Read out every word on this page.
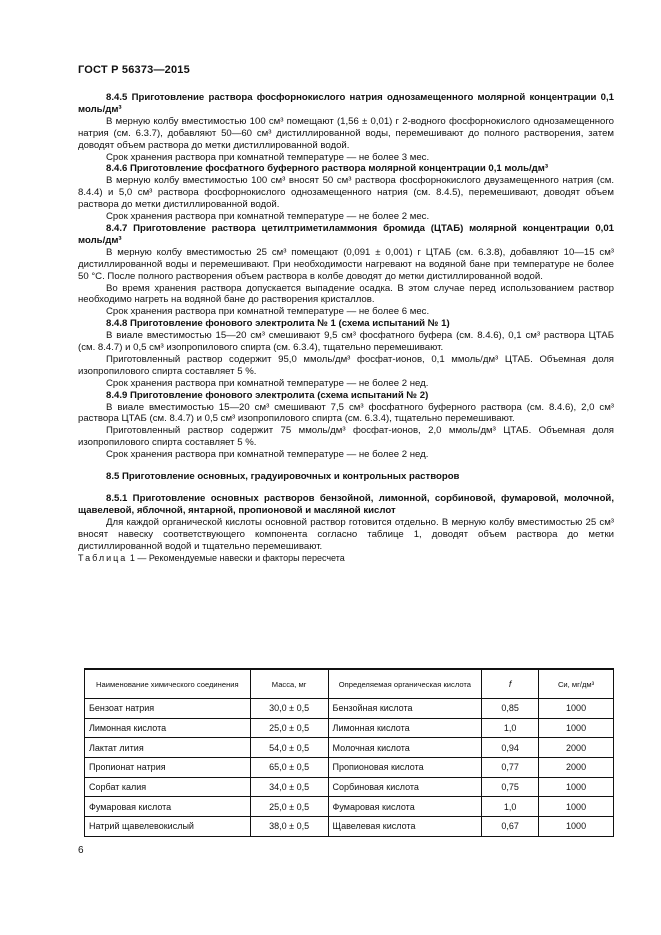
ГОСТ Р 56373—2015

8.4.5 Приготовление раствора фосфорнокислого натрия однозамещенного молярной концентрации 0,1 моль/дм³

В мерную колбу вместимостью 100 см³ помещают (1,56 ± 0,01) г 2-водного фосфорнокислого однозамещенного натрия (см. 6.3.7), добавляют 50—60 см³ дистиллированной воды, перемешивают до полного растворения, затем доводят объем раствора до метки дистиллированной водой.

Срок хранения раствора при комнатной температуре — не более 3 мес.

8.4.6 Приготовление фосфатного буферного раствора молярной концентрации 0,1 моль/дм³

В мерную колбу вместимостью 100 см³ вносят 50 см³ раствора фосфорнокислого двузамещенного натрия (см. 8.4.4) и 5,0 см³ раствора фосфорнокислого однозамещенного натрия (см. 8.4.5), перемешивают, доводят объем раствора до метки дистиллированной водой.

Срок хранения раствора при комнатной температуре — не более 2 мес.

8.4.7 Приготовление раствора цетилтриметиламмония бромида (ЦТАБ) молярной концентрации 0,01 моль/дм³

В мерную колбу вместимостью 25 см³ помещают (0,091 ± 0,001) г ЦТАБ (см. 6.3.8), добавляют 10—15 см³ дистиллированной воды и перемешивают. При необходимости нагревают на водяной бане при температуре не более 50 °С. После полного растворения объем раствора в колбе доводят до метки дистиллированной водой.

Во время хранения раствора допускается выпадение осадка. В этом случае перед использованием раствор необходимо нагреть на водяной бане до растворения кристаллов.

Срок хранения раствора при комнатной температуре — не более 6 мес.

8.4.8 Приготовление фонового электролита № 1 (схема испытаний № 1)

В виале вместимостью 15—20 см³ смешивают 9,5 см³ фосфатного буфера (см. 8.4.6), 0,1 см³ раствора ЦТАБ (см. 8.4.7) и 0,5 см³ изопропилового спирта (см. 6.3.4), тщательно перемешивают.

Приготовленный раствор содержит 95,0 ммоль/дм³ фосфат-ионов, 0,1 ммоль/дм³ ЦТАБ. Объемная доля изопропилового спирта составляет 5 %.

Срок хранения раствора при комнатной температуре — не более 2 нед.

8.4.9 Приготовление фонового электролита (схема испытаний № 2)

В виале вместимостью 15—20 см³ смешивают 7,5 см³ фосфатного буферного раствора (см. 8.4.6), 2,0 см³ раствора ЦТАБ (см. 8.4.7) и 0,5 см³ изопропилового спирта (см. 6.3.4), тщательно перемешивают.

Приготовленный раствор содержит 75 ммоль/дм³ фосфат-ионов, 2,0 ммоль/дм³ ЦТАБ. Объемная доля изопропилового спирта составляет 5 %.

Срок хранения раствора при комнатной температуре — не более 2 нед.

8.5 Приготовление основных, градуировочных и контрольных растворов

8.5.1 Приготовление основных растворов бензойной, лимонной, сорбиновой, фумаровой, молочной, щавелевой, яблочной, янтарной, пропионовой и масляной кислот

Для каждой органической кислоты основной раствор готовится отдельно. В мерную колбу вместимостью 25 см³ вносят навеску соответствующего компонента согласно таблице 1, доводят объем раствора до метки дистиллированной водой и тщательно перемешивают.

Таблица 1 — Рекомендуемые навески и факторы пересчета

Наименование химического соединения	Масса, мг	Определяемая органическая кислота	f	Cи, мг/дм³
Бензоат натрия	30,0 ± 0,5	Бензойная кислота	0,85	1000
Лимонная кислота	25,0 ± 0,5	Лимонная кислота	1,0	1000
Лактат лития	54,0 ± 0,5	Молочная кислота	0,94	2000
Пропионат натрия	65,0 ± 0,5	Пропионовая кислота	0,77	2000
Сорбат калия	34,0 ± 0,5	Сорбиновая кислота	0,75	1000
Фумаровая кислота	25,0 ± 0,5	Фумаровая кислота	1,0	1000
Натрий щавелевокислый	38,0 ± 0,5	Щавелевая кислота	0,67	1000
6
